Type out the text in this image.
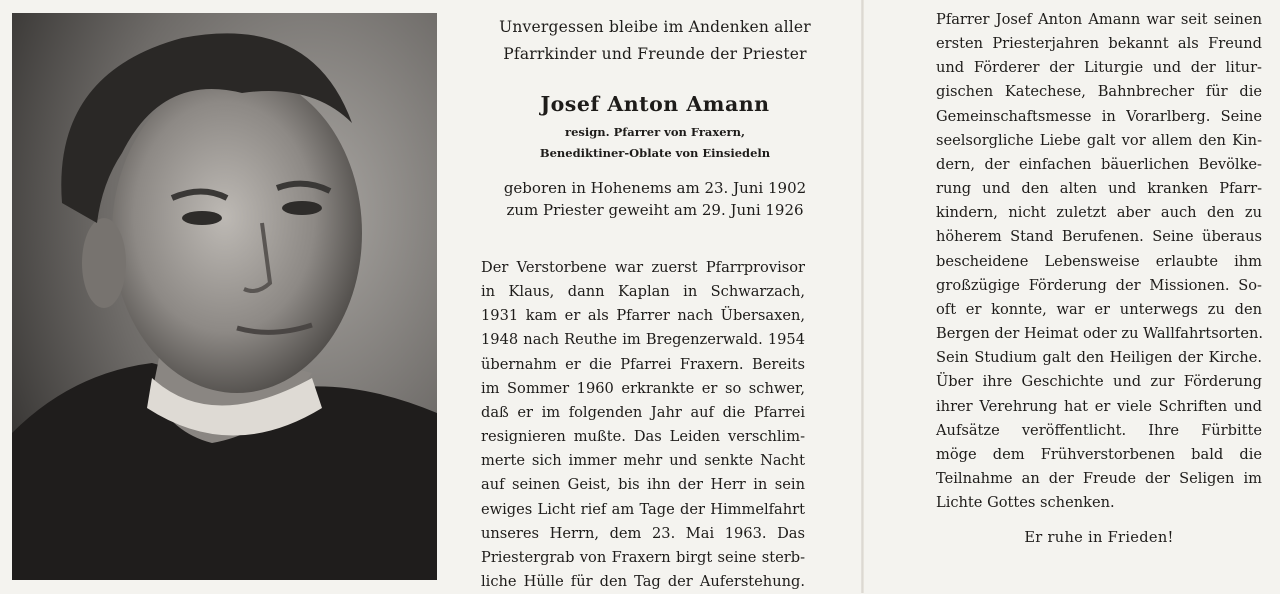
Unvergessen bleibe im Andenken aller
Pfarrkinder und Freunde der Priester
Josef Anton Amann
resign. Pfarrer von Fraxern,
Benediktiner-Oblate von Einsiedeln
geboren in Hohenems am 23. Juni 1902
zum Priester geweiht am 29. Juni 1926
Der Verstorbene war zuerst Pfarrprovisor
in Klaus, dann Kaplan in Schwarzach,
1931 kam er als Pfarrer nach Übersaxen,
1948 nach Reuthe im Bregenzerwald. 1954
übernahm er die Pfarrei Fraxern. Bereits
im Sommer 1960 erkrankte er so schwer,
daß er im folgenden Jahr auf die Pfarrei
resignieren mußte. Das Leiden verschlim-
merte sich immer mehr und senkte Nacht
auf seinen Geist, bis ihn der Herr in sein
ewiges Licht rief am Tage der Himmelfahrt
unseres Herrn, dem 23. Mai 1963. Das
Priestergrab von Fraxern birgt seine sterb-
liche Hülle für den Tag der Auferstehung.
Pfarrer Josef Anton Amann war seit seinen
ersten Priesterjahren bekannt als Freund
und Förderer der Liturgie und der litur-
gischen Katechese, Bahnbrecher für die
Gemeinschaftsmesse in Vorarlberg. Seine
seelsorgliche Liebe galt vor allem den Kin-
dern, der einfachen bäuerlichen Bevölke-
rung und den alten und kranken Pfarr-
kindern, nicht zuletzt aber auch den zu
höherem Stand Berufenen. Seine überaus
bescheidene Lebensweise erlaubte ihm
großzügige Förderung der Missionen. So-
oft er konnte, war er unterwegs zu den
Bergen der Heimat oder zu Wallfahrtsorten.
Sein Studium galt den Heiligen der Kirche.
Über ihre Geschichte und zur Förderung
ihrer Verehrung hat er viele Schriften und
Aufsätze veröffentlicht. Ihre Fürbitte
möge dem Frühverstorbenen bald die
Teilnahme an der Freude der Seligen im
Lichte Gottes schenken.
Er ruhe in Frieden!
